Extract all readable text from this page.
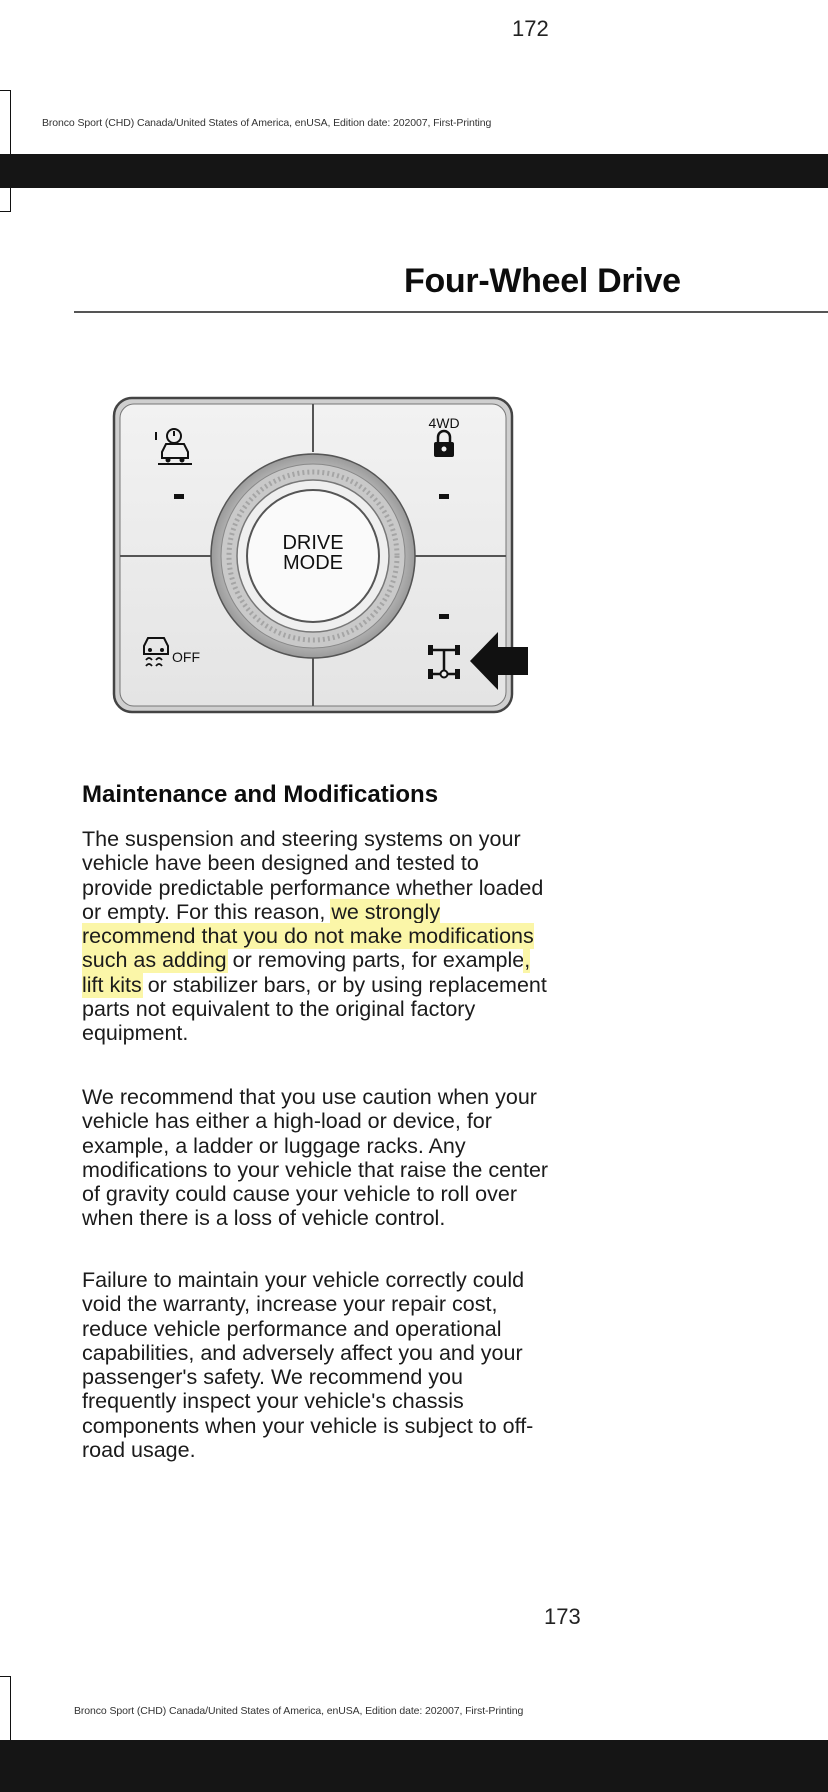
172
Bronco Sport (CHD) Canada/United States of America, enUSA, Edition date: 202007, First-Printing
Four-Wheel Drive
DRIVE
MODE
4WD
OFF
Maintenance and Modifications

The suspension and steering systems on your vehicle have been designed and tested to provide predictable performance whether loaded or empty. For this reason, we strongly recommend that you do not make modifications such as adding or removing parts, for example, lift kits or stabilizer bars, or by using replacement parts not equivalent to the original factory equipment.

We recommend that you use caution when your vehicle has either a high-load or device, for example, a ladder or luggage racks. Any modifications to your vehicle that raise the center of gravity could cause your vehicle to roll over when there is a loss of vehicle control.
Failure to maintain your vehicle correctly could void the warranty, increase your repair cost, reduce vehicle performance and operational capabilities, and adversely affect you and your passenger's safety. We recommend you frequently inspect your vehicle's chassis components when your vehicle is subject to off-road usage.
173
Bronco Sport (CHD) Canada/United States of America, enUSA, Edition date: 202007, First-Printing
